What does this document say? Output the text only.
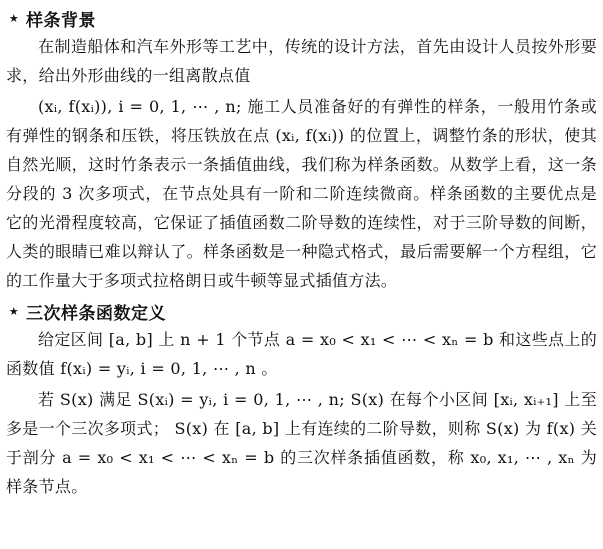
★ 样条背景

在制造船体和汽车外形等工艺中，传统的设计方法，首先由设计人员按外形要求，给出外形曲线的一组离散点值

(xᵢ, f(xᵢ)), i = 0, 1, ⋯ , n; 施工人员准备好的有弹性的样条，一般用竹条或有弹性的钢条和压铁，将压铁放在点 (xᵢ, f(xᵢ)) 的位置上，调整竹条的形状，使其自然光顺，这时竹条表示一条插值曲线，我们称为样条函数。从数学上看，这一条分段的 3 次多项式，在节点处具有一阶和二阶连续微商。样条函数的主要优点是它的光滑程度较高，它保证了插值函数二阶导数的连续性，对于三阶导数的间断，人类的眼睛已难以辩认了。样条函数是一种隐式格式，最后需要解一个方程组，它的工作量大于多项式拉格朗日或牛顿等显式插值方法。

★ 三次样条函数定义

给定区间 [a, b] 上 n + 1 个节点 a = x₀ < x₁ < ⋯ < xₙ = b 和这些点上的函数值 f(xᵢ) = yᵢ, i = 0, 1, ⋯ , n 。

若 S(x) 满足 S(xᵢ) = yᵢ, i = 0, 1, ⋯ , n; S(x) 在每个小区间 [xᵢ, xᵢ₊₁] 上至多是一个三次多项式； S(x) 在 [a, b] 上有连续的二阶导数，则称 S(x) 为 f(x) 关于剖分 a = x₀ < x₁ < ⋯ < xₙ = b 的三次样条插值函数，称 x₀, x₁, ⋯ , xₙ 为样条节点。
